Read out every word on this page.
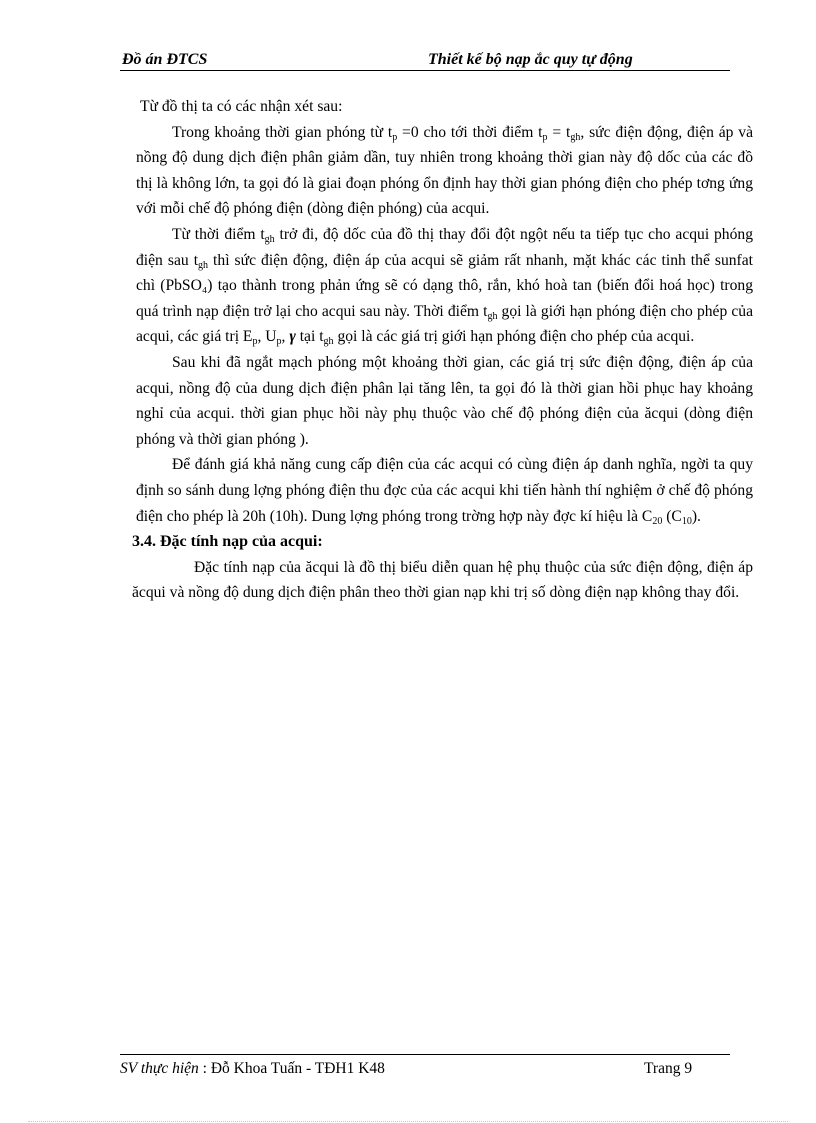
Đồ án ĐTCS	Thiết kế bộ nạp ắc quy tự động

Từ đồ thị ta có các nhận xét sau:

Trong khoảng thời gian phóng từ $t_p =0$ cho tới thời điểm $t_p = t_{gh}$, sức điện động, điện áp và nồng độ dung dịch điện phân giảm dần, tuy nhiên trong khoảng thời gian này độ dốc của các đồ thị là không lớn, ta gọi đó là giai đoạn phóng ổn định hay thời gian phóng điện cho phép tơng ứng với mỗi chế độ phóng điện (dòng điện phóng) của acqui.

Từ thời điểm $t_{gh}$ trở đi, độ dốc của đồ thị thay đổi đột ngột nếu ta tiếp tục cho acqui phóng điện sau $t_{gh}$ thì sức điện động, điện áp của acqui sẽ giảm rất nhanh, mặt khác các tinh thể sunfat chì (PbSO₄) tạo thành trong phản ứng sẽ có dạng thô, rắn, khó hoà tan (biến đổi hoá học) trong quá trình nạp điện trở lại cho acqui sau này. Thời điểm $t_{gh}$ gọi là giới hạn phóng điện cho phép của acqui, các giá trị $E_p$, $U_p$, γ tại $t_{gh}$ gọi là các giá trị giới hạn phóng điện cho phép của acqui.

Sau khi đã ngắt mạch phóng một khoảng thời gian, các giá trị sức điện động, điện áp của acqui, nồng độ của dung dịch điện phân lại tăng lên, ta gọi đó là thời gian hồi phục hay khoảng nghỉ của acqui. thời gian phục hồi này phụ thuộc vào chế độ phóng điện của ăcqui (dòng điện phóng và thời gian phóng ).

Để đánh giá khả năng cung cấp điện của các acqui có cùng điện áp danh nghĩa, ngời ta quy định so sánh dung lợng phóng điện thu đợc của các acqui khi tiến hành thí nghiệm ở chế độ phóng điện cho phép là 20h (10h). Dung lợng phóng trong trờng hợp này đợc kí hiệu là $C_{20}$ $(C_{10})$.

3.4. Đặc tính nạp của acqui:

Đặc tính nạp của ăcqui là đồ thị biểu diễn quan hệ phụ thuộc của sức điện động, điện áp ăcqui và nồng độ dung dịch điện phân theo thời gian nạp khi trị số dòng điện nạp không thay đổi.

SV thực hiện : Đỗ Khoa Tuấn - TĐH1 K48	Trang 9
